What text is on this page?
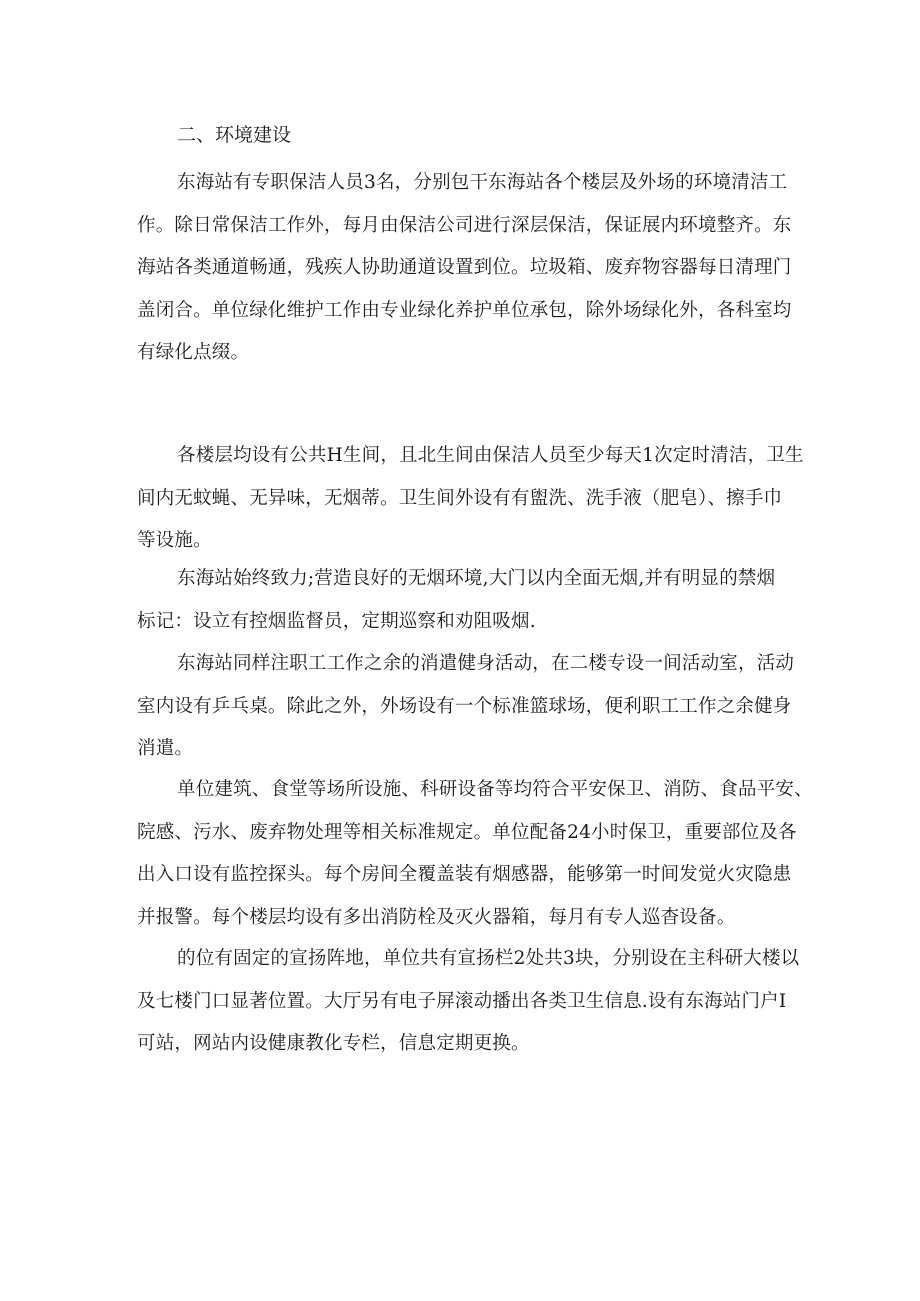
二、环境建设
东海站有专职保洁人员3名，分别包干东海站各个楼层及外场的环境清洁工
作。除日常保洁工作外，每月由保洁公司进行深层保洁，保证展内环境整齐。东
海站各类通道畅通，残疾人协助通道设置到位。垃圾箱、废弃物容器每日清理门
盖闭合。单位绿化维护工作由专业绿化养护单位承包，除外场绿化外，各科室均
有绿化点缀。
各楼层均设有公共H生间，且北生间由保洁人员至少每天1次定时清洁，卫生
间内无蚊蝇、无异味，无烟蒂。卫生间外设有有盥洗、洗手液（肥皂）、擦手巾
等设施。
东海站始终致力;营造良好的无烟环境,大门以内全面无烟,并有明显的禁烟
标记：设立有控烟监督员，定期巡察和劝阻吸烟.
东海站同样注职工工作之余的消遣健身活动，在二楼专设一间活动室，活动
室内设有乒乓桌。除此之外，外场设有一个标准篮球场，便利职工工作之余健身
消遣。
单位建筑、食堂等场所设施、科研设备等均符合平安保卫、消防、食品平安、
院感、污水、废弃物处理等相关标准规定。单位配备24小时保卫，重要部位及各
出入口设有监控探头。每个房间全覆盖装有烟感器，能够第一时间发觉火灾隐患
并报警。每个楼层均设有多出消防栓及灭火器箱，每月有专人巡杳设备。
的位有固定的宣扬阵地，单位共有宣扬栏2处共3块，分别设在主科研大楼以
及七楼门口显著位置。大厅另有电子屏滚动播出各类卫生信息.设有东海站门户I
可站，网站内设健康教化专栏，信息定期更换。
